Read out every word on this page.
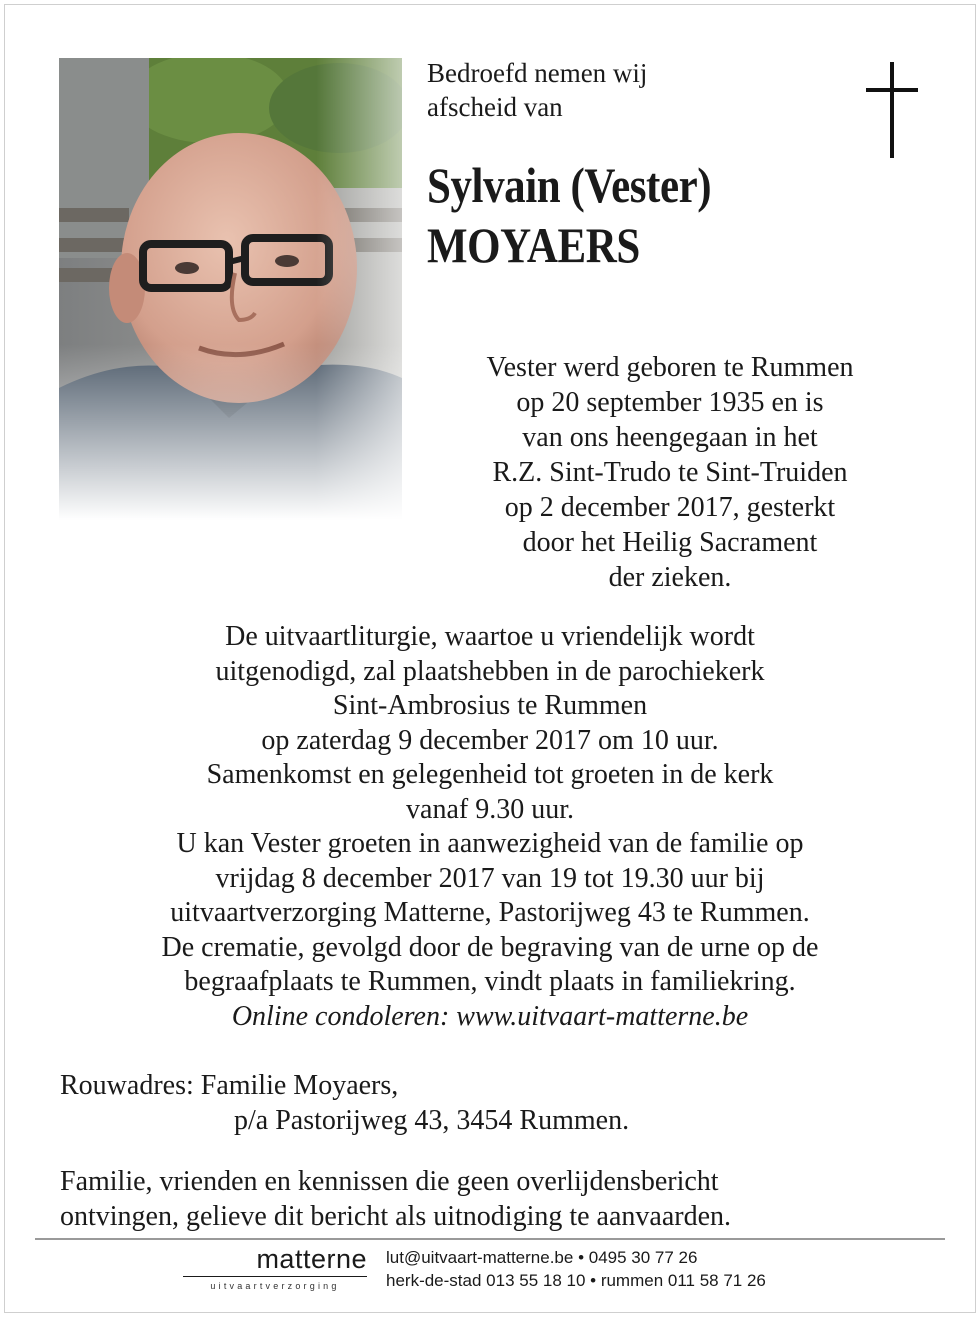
Bedroefd nemen wij
afscheid van
Sylvain (Vester)
MOYAERS
Vester werd geboren te Rummen
op 20 september 1935 en is
van ons heengegaan in het
R.Z. Sint-Trudo te Sint-Truiden
op 2 december 2017, gesterkt
door het Heilig Sacrament
der zieken.
De uitvaartliturgie, waartoe u vriendelijk wordt
uitgenodigd, zal plaatshebben in de parochiekerk
Sint-Ambrosius te Rummen
op zaterdag 9 december 2017 om 10 uur.
Samenkomst en gelegenheid tot groeten in de kerk
vanaf 9.30 uur.
U kan Vester groeten in aanwezigheid van de familie op
vrijdag 8 december 2017 van 19 tot 19.30 uur bij
uitvaartverzorging Matterne, Pastorijweg 43 te Rummen.
De crematie, gevolgd door de begraving van de urne op de
begraafplaats te Rummen, vindt plaats in familiekring.
Online condoleren: www.uitvaart-matterne.be
Rouwadres: Familie Moyaers,
p/a Pastorijweg 43, 3454 Rummen.
Familie, vrienden en kennissen die geen overlijdensbericht
ontvingen, gelieve dit bericht als uitnodiging te aanvaarden.
matterne
uitvaartverzorging
lut@uitvaart-matterne.be • 0495 30 77 26
herk-de-stad 013 55 18 10 • rummen 011 58 71 26
